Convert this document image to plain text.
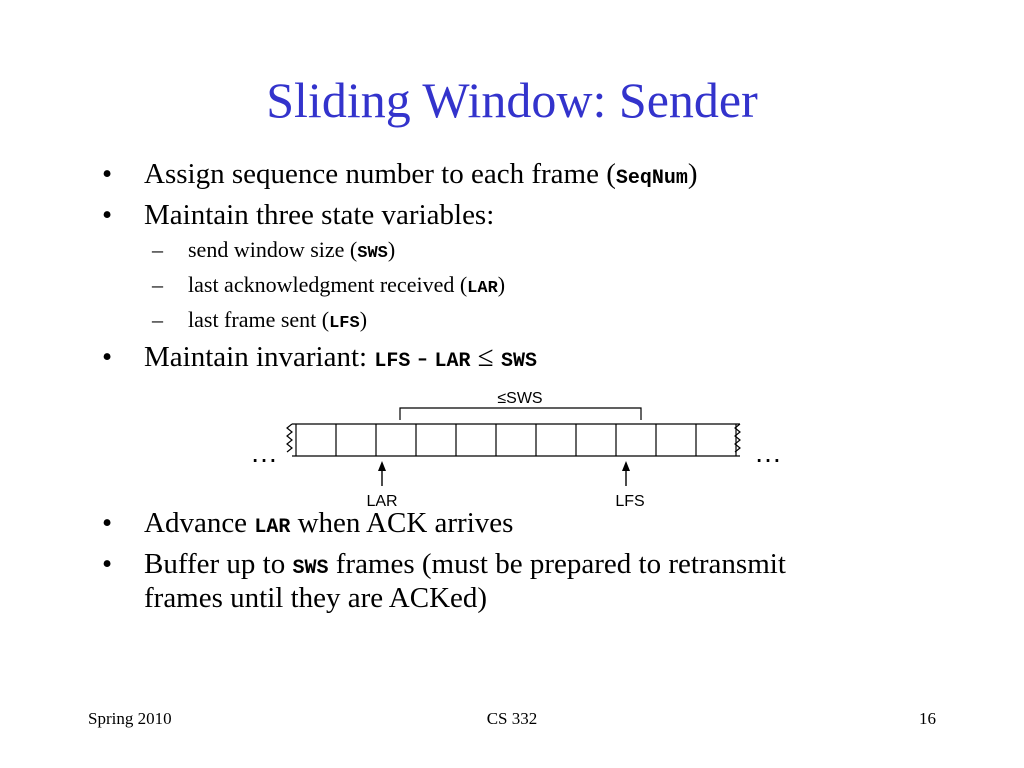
Sliding Window: Sender
• Assign sequence number to each frame (SeqNum)
• Maintain three state variables:
– send window size (SWS)
– last acknowledgment received (LAR)
– last frame sent (LFS)
• Maintain invariant: LFS - LAR ≤ SWS
≤SWS
…	…
LAR	LFS
• Advance LAR when ACK arrives
• Buffer up to SWS frames (must be prepared to retransmit
frames until they are ACKed)
Spring 2010	CS 332	16
